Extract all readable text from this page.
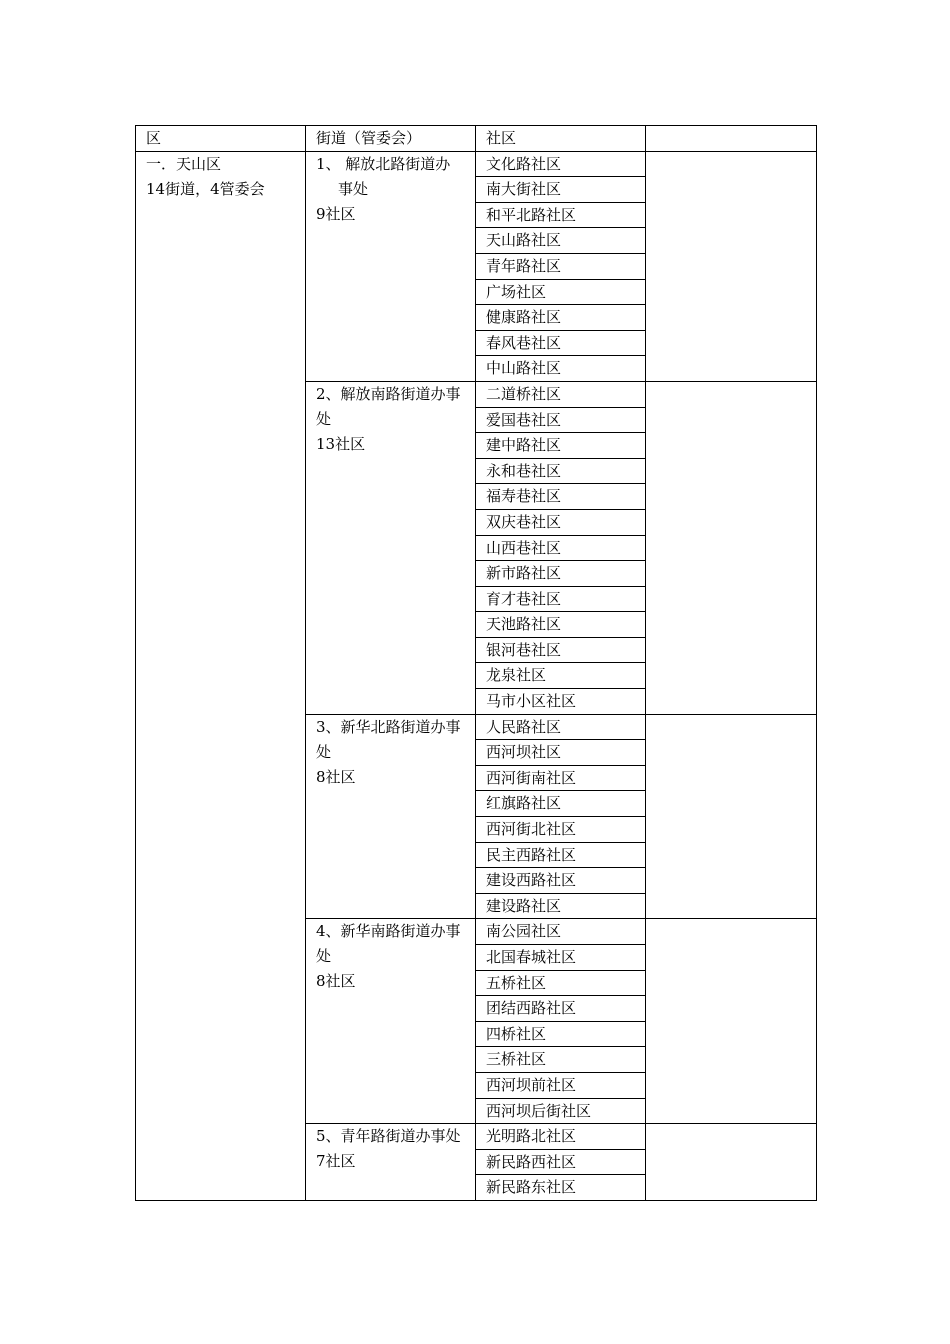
区	街道（管委会）	社区	

一．天山区
14街道，4管委会	1、 解放北路街道办
事处
9社区	文化路社区	
		南大街社区	
		和平北路社区	
		天山路社区	
		青年路社区	
		广场社区	
		健康路社区	
		春风巷社区	
		中山路社区	

	2、解放南路街道办事
处
13社区	二道桥社区	
		爱国巷社区	
		建中路社区	
		永和巷社区	
		福寿巷社区	
		双庆巷社区	
		山西巷社区	
		新市路社区	
		育才巷社区	
		天池路社区	
		银河巷社区	
		龙泉社区	
		马市小区社区	

	3、新华北路街道办事
处
8社区	人民路社区	
		西河坝社区	
		西河街南社区	
		红旗路社区	
		西河街北社区	
		民主西路社区	
		建设西路社区	
		建设路社区	

	4、新华南路街道办事
处
8社区	南公园社区	
		北国春城社区	
		五桥社区	
		团结西路社区	
		四桥社区	
		三桥社区	
		西河坝前社区	
		西河坝后街社区	

	5、青年路街道办事处
7社区	光明路北社区	
		新民路西社区	
		新民路东社区	
